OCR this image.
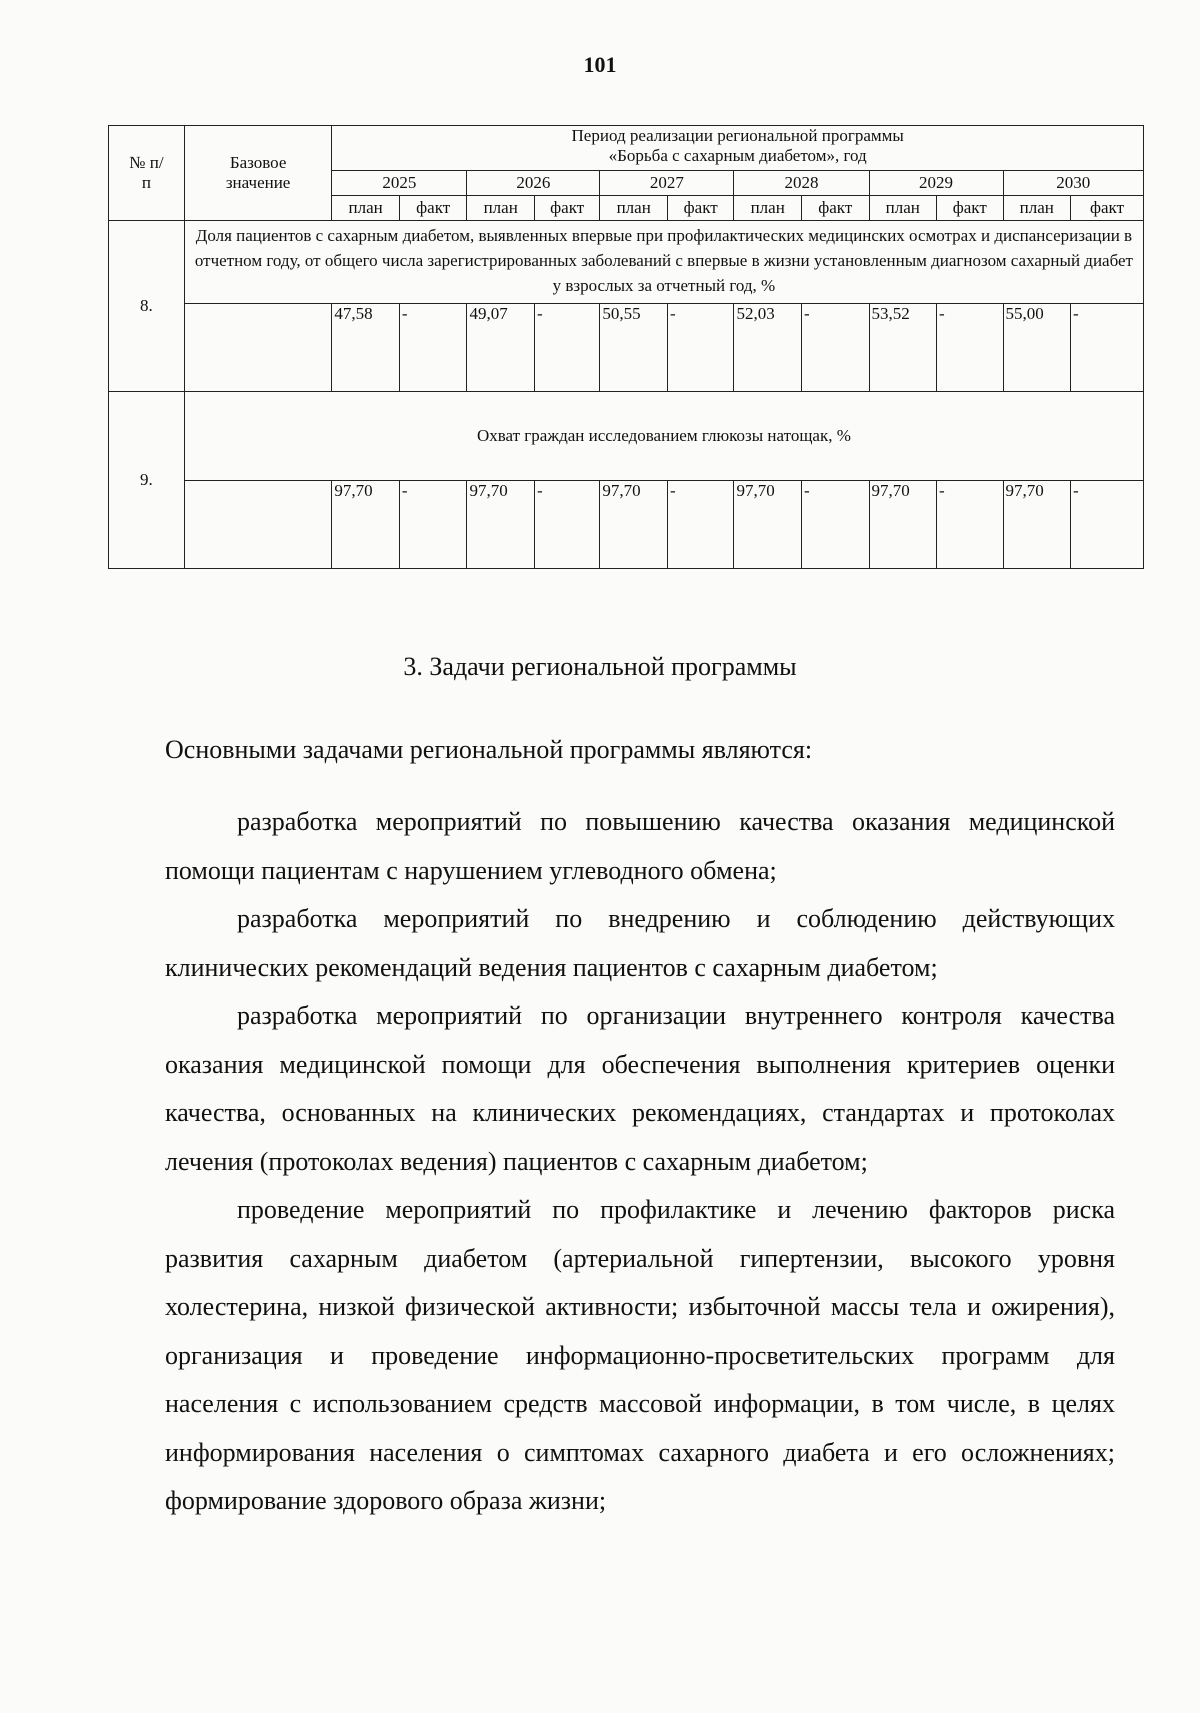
101
№ п/п	Базовое значение	Период реализации региональной программы
«Борьба с сахарным диабетом», год											

		2025		2026		2027		2028		2029		2030	
		план	факт	план	факт	план	факт	план	факт	план	факт	план	факт
8.	Доля пациентов с сахарным диабетом, выявленных впервые при профилактических медицинских осмотрах и диспансеризации в отчетном году, от общего числа зарегистрированных заболеваний с впервые в жизни установленным диагнозом сахарный диабет у взрослых за отчетный год, %												
		47,58	-	49,07	-	50,55	-	52,03	-	53,52	-	55,00	-
9.	Охват граждан исследованием глюкозы натощак, %												
		97,70	-	97,70	-	97,70	-	97,70	-	97,70	-	97,70	-
3. Задачи региональной программы
Основными задачами региональной программы являются:

разработка мероприятий по повышению качества оказания медицинской помощи пациентам с нарушением углеводного обмена;

разработка мероприятий по внедрению и соблюдению действующих клинических рекомендаций ведения пациентов с сахарным диабетом;

разработка мероприятий по организации внутреннего контроля качества оказания медицинской помощи для обеспечения выполнения критериев оценки качества, основанных на клинических рекомендациях, стандартах и протоколах лечения (протоколах ведения) пациентов с сахарным диабетом;

проведение мероприятий по профилактике и лечению факторов риска развития сахарным диабетом (артериальной гипертензии, высокого уровня холестерина, низкой физической активности; избыточной массы тела и ожирения), организация и проведение информационно-просветительских программ для населения с использованием средств массовой информации, в том числе, в целях информирования населения о симптомах сахарного диабета и его осложнениях; формирование здорового образа жизни;
